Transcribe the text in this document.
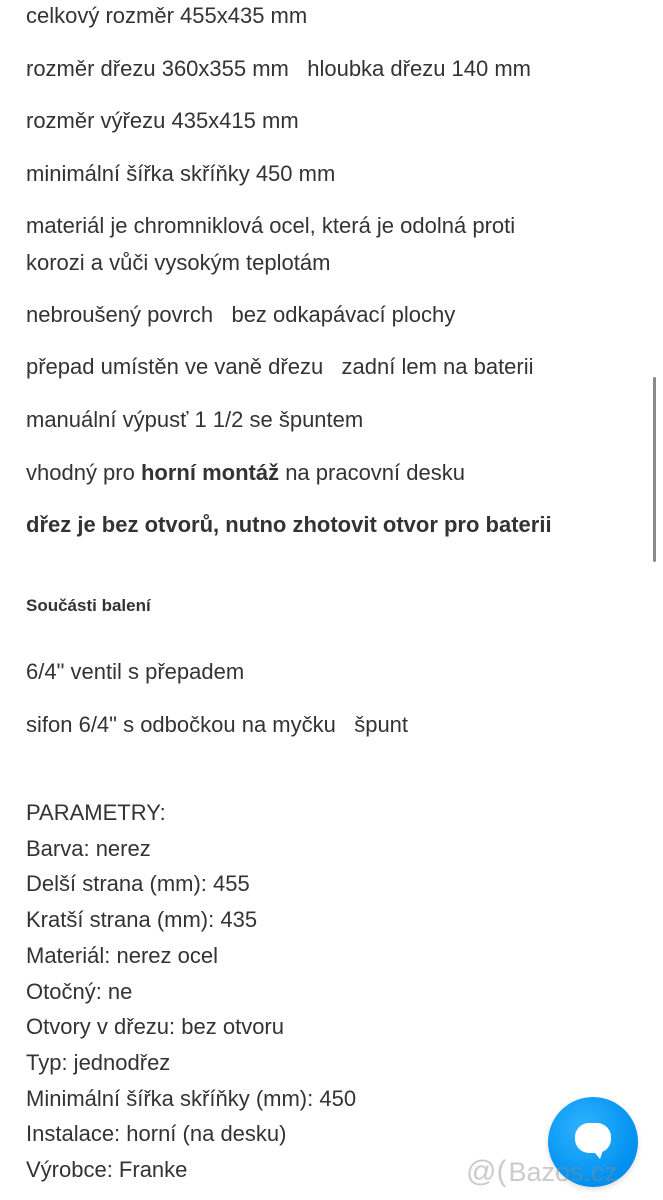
celkový rozměr 455x435 mm
rozměr dřezu 360x355 mm   hloubka dřezu 140 mm
rozměr výřezu 435x415 mm
minimální šířka skříňky 450 mm
materiál je chromniklová ocel, která je odolná proti
korozi a vůči vysokým teplotám
nebroušený povrch   bez odkapávací plochy
přepad umístěn ve vaně dřezu   zadní lem na baterii
manuální výpusť 1 1/2 se špuntem
vhodný pro horní montáž na pracovní desku
dřez je bez otvorů, nutno zhotovit otvor pro baterii
Součásti balení
6/4" ventil s přepadem
sifon 6/4" s odbočkou na myčku   špunt
PARAMETRY:
Barva: nerez
Delší strana (mm): 455
Kratší strana (mm): 435
Materiál: nerez ocel
Otočný: ne
Otvory v dřezu: bez otvoru
Typ: jednodřez
Minimální šířka skříňky (mm): 450
Instalace: horní (na desku)
Výrobce: Franke	@( Bazos.cz
